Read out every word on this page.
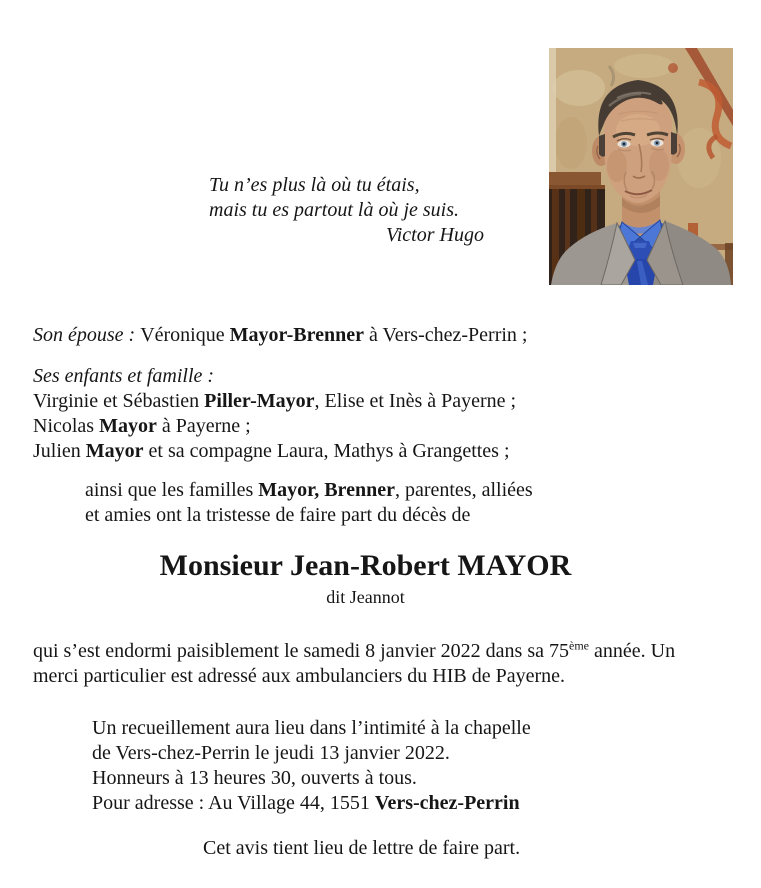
Tu n’es plus là où tu étais,
mais tu es partout là où je suis.
Victor Hugo

Son épouse : Véronique Mayor-Brenner à Vers-chez-Perrin ;

Ses enfants et famille :
Virginie et Sébastien Piller-Mayor, Elise et Inès à Payerne ;
Nicolas Mayor à Payerne ;
Julien Mayor et sa compagne Laura, Mathys à Grangettes ;
ainsi que les familles Mayor, Brenner, parentes, alliées
et amies ont la tristesse de faire part du décès de
Monsieur Jean-Robert MAYOR
dit Jeannot
qui s’est endormi paisiblement le samedi 8 janvier 2022 dans sa 75ème année. Un
merci particulier est adressé aux ambulanciers du HIB de Payerne.
Un recueillement aura lieu dans l’intimité à la chapelle
de Vers-chez-Perrin le jeudi 13 janvier 2022.
Honneurs à 13 heures 30, ouverts à tous.
Pour adresse : Au Village 44, 1551 Vers-chez-Perrin

Cet avis tient lieu de lettre de faire part.
